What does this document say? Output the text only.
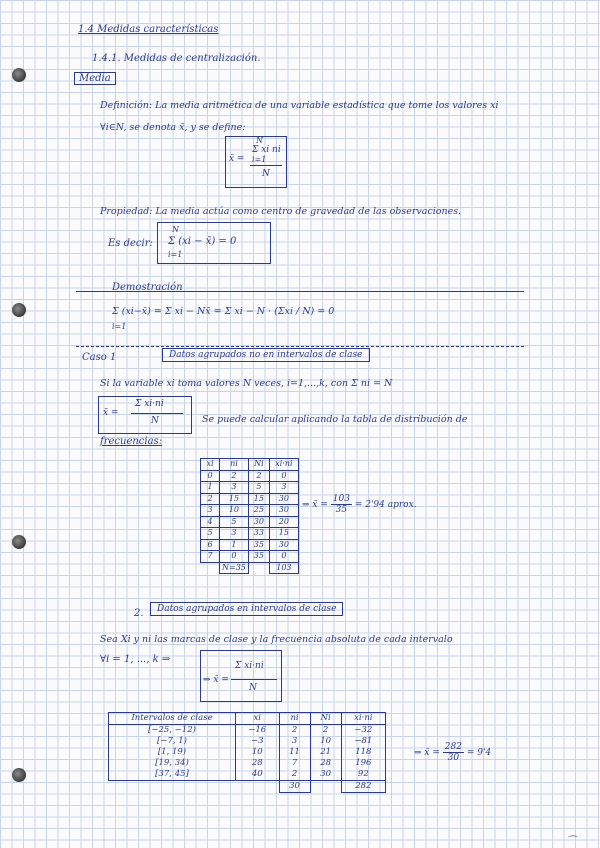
1.4 Medidas características
1.4.1. Medidas de centralización.
Media
Definición: La media aritmética de una variable estadística que tome los valores xi
∀i∈N, se denota x̄, y se define:
x̄ =
N
Σ xi ni
i=1
N
Propiedad: La media actúa como centro de gravedad de las observaciones.
Es decir:
N
Σ (xi − x̄) = 0
i=1
Demostración
Σ (xi−x̄) = Σ xi − Nx̄ = Σ xi − N · (Σxi / N) = 0
i=1
Caso 1	Datos agrupados no en intervalos de clase
Si la variable xi toma valores N veces, i=1,...,k, con Σ ni = N
x̄ =
Σ xi·ni
N	Se puede calcular aplicando la tabla de distribución de
frecuencias:
xi	ni	Ni	xi·ni
0	2	2	0
1	3	5	3
2	15	15	30
3	10	25	30
4	5	30	20
5	3	33	15
6	1	35	30
7	0	35	0
	N=35		103
⇒ x̄ = $\frac{103}{35} = 2'94$ aprox.
2.	Datos agrupados en intervalos de clase
Sea Xi y ni las marcas de clase y la frecuencia absoluta de cada intervalo
∀i = 1, ..., k ⇒
⇒ x̄ =
Σ xi·ni
N
Intervalos de clase	xi	ni	Ni	xi·ni
[−25, −12)	−16	2	2	−32
[−7, 1)	−3	3	10	−81
[1, 19)	10	11	21	118
[19, 34)	28	7	28	196
[37, 45]	40	2	30	92
		30		282
⇒ x̄ = $\frac{282}{30} = 9'4$
⌒
